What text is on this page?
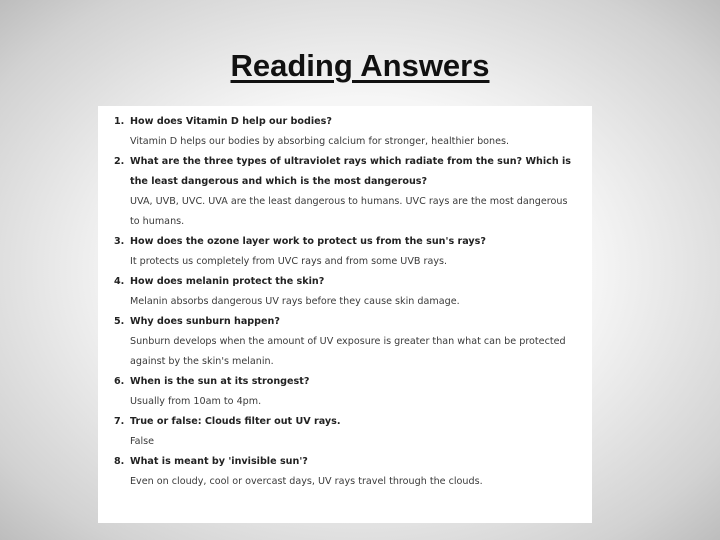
Reading Answers
1. How does Vitamin D help our bodies?
Vitamin D helps our bodies by absorbing calcium for stronger, healthier bones.
2. What are the three types of ultraviolet rays which radiate from the sun? Which is the least dangerous and which is the most dangerous?
UVA, UVB, UVC. UVA are the least dangerous to humans. UVC rays are the most dangerous to humans.
3. How does the ozone layer work to protect us from the sun's rays?
It protects us completely from UVC rays and from some UVB rays.
4. How does melanin protect the skin?
Melanin absorbs dangerous UV rays before they cause skin damage.
5. Why does sunburn happen?
Sunburn develops when the amount of UV exposure is greater than what can be protected against by the skin's melanin.
6. When is the sun at its strongest?
Usually from 10am to 4pm.
7. True or false: Clouds filter out UV rays.
False
8. What is meant by 'invisible sun'?
Even on cloudy, cool or overcast days, UV rays travel through the clouds.
